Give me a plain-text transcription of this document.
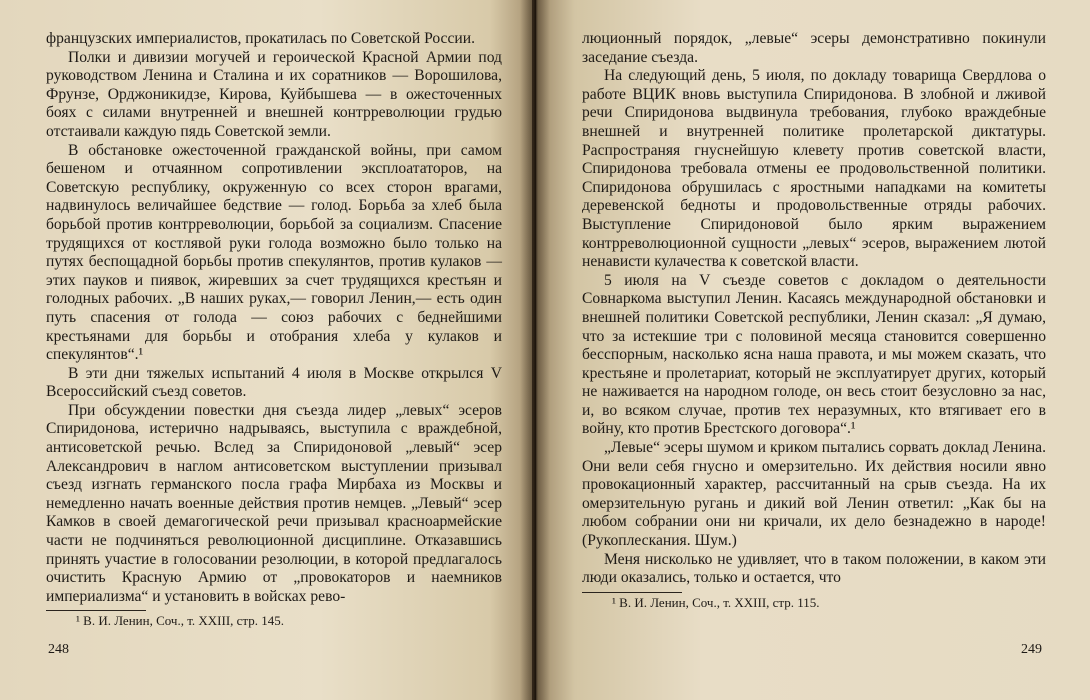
французских империалистов, прокатилась по Советской России.

Полки и дивизии могучей и героической Красной Армии под руководством Ленина и Сталина и их соратников — Ворошилова, Фрунзе, Орджоникидзе, Кирова, Куйбышева — в ожесточенных боях с силами внутренней и внешней контрреволюции грудью отстаивали каждую пядь Советской земли.

В обстановке ожесточенной гражданской войны, при самом бешеном и отчаянном сопротивлении эксплоататоров, на Советскую республику, окруженную со всех сторон врагами, надвинулось величайшее бедствие — голод. Борьба за хлеб была борьбой против контрреволюции, борьбой за социализм. Спасение трудящихся от костлявой руки голода возможно было только на путях беспощадной борьбы против спекулянтов, против кулаков — этих пауков и пиявок, жиревших за счет трудящихся крестьян и голодных рабочих. „В наших руках,— говорил Ленин,— есть один путь спасения от голода — союз рабочих с беднейшими крестьянами для борьбы и отобрания хлеба у кулаков и спекулянтов“.¹

В эти дни тяжелых испытаний 4 июля в Москве открылся V Всероссийский съезд советов.

При обсуждении повестки дня съезда лидер „левых“ эсеров Спиридонова, истерично надрываясь, выступила с враждебной, антисоветской речью. Вслед за Спиридоновой „левый“ эсер Александрович в наглом антисоветском выступлении призывал съезд изгнать германского посла графа Мирбаха из Москвы и немедленно начать военные действия против немцев. „Левый“ эсер Камков в своей демагогической речи призывал красноармейские части не подчиняться революционной дисциплине. Отказавшись принять участие в голосовании резолюции, в которой предлагалось очистить Красную Армию от „провокаторов и наемников империализма“ и установить в войсках рево-

¹ В. И. Ленин, Соч., т. XXIII, стр. 145.
248

люционный порядок, „левые“ эсеры демонстративно покинули заседание съезда.

На следующий день, 5 июля, по докладу товарища Свердлова о работе ВЦИК вновь выступила Спиридонова. В злобной и лживой речи Спиридонова выдвинула требования, глубоко враждебные внешней и внутренней политике пролетарской диктатуры. Распространяя гнуснейшую клевету против советской власти, Спиридонова требовала отмены ее продовольственной политики. Спиридонова обрушилась с яростными нападками на комитеты деревенской бедноты и продовольственные отряды рабочих. Выступление Спиридоновой было ярким выражением контрреволюционной сущности „левых“ эсеров, выражением лютой ненависти кулачества к советской власти.

5 июля на V съезде советов с докладом о деятельности Совнаркома выступил Ленин. Касаясь международной обстановки и внешней политики Советской республики, Ленин сказал: „Я думаю, что за истекшие три с половиной месяца становится совершенно бесспорным, насколько ясна наша правота, и мы можем сказать, что крестьяне и пролетариат, который не эксплуатирует других, который не наживается на народном голоде, он весь стоит безусловно за нас, и, во всяком случае, против тех неразумных, кто втягивает его в войну, кто против Брестского договора“.¹

„Левые“ эсеры шумом и криком пытались сорвать доклад Ленина. Они вели себя гнусно и омерзительно. Их действия носили явно провокационный характер, рассчитанный на срыв съезда. На их омерзительную ругань и дикий вой Ленин ответил: „Как бы на любом собрании они ни кричали, их дело безнадежно в народе! (Рукоплескания. Шум.)

Меня нисколько не удивляет, что в таком положении, в каком эти люди оказались, только и остается, что

¹ В. И. Ленин, Соч., т. XXIII, стр. 115.
249
